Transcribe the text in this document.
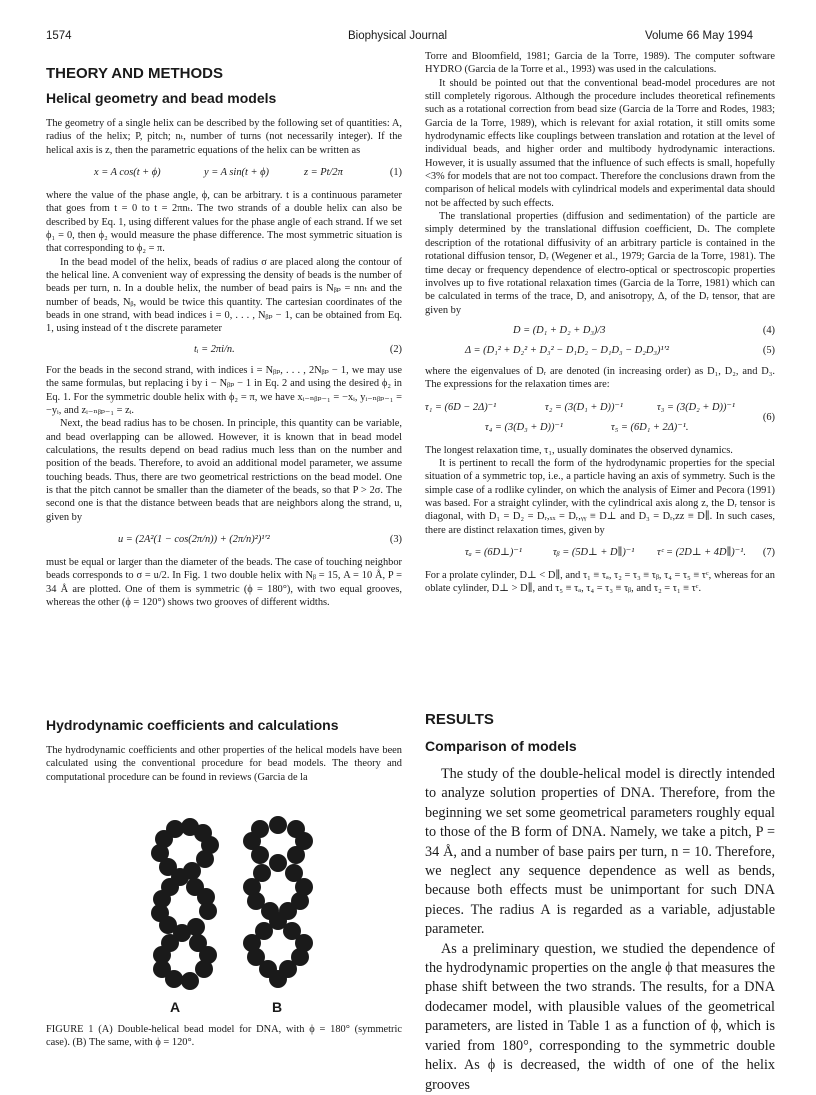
1574	Biophysical Journal	Volume 66 May 1994
THEORY AND METHODS
Helical geometry and bead models

The geometry of a single helix can be described by the following set of quantities: A, radius of the helix; P, pitch; nₜ, number of turns (not necessarily integer). If the helical axis is z, then the parametric equations of the helix can be written as

x = A cos(t + ϕ)	y = A sin(t + ϕ)	z = Pt/2π	(1)

where the value of the phase angle, ϕ, can be arbitrary. t is a continuous parameter that goes from t = 0 to t = 2πnₜ. The two strands of a double helix can also be described by Eq. 1, using different values for the phase angle of each strand. If we set ϕ₁ = 0, then ϕ₂ would measure the phase difference. The most symmetric situation is that corresponding to ϕ₂ = π.

In the bead model of the helix, beads of radius σ are placed along the contour of the helical line. A convenient way of expressing the density of beads is the number of beads per turn, n. In a double helix, the number of bead pairs is Nᵦₚ = nnₜ and the number of beads, Nᵦ, would be twice this quantity. The cartesian coordinates of the beads in one strand, with bead indices i = 0, . . . , Nᵦₚ − 1, can be obtained from Eq. 1, using instead of t the discrete parameter

tᵢ = 2πi/n.	(2)

For the beads in the second strand, with indices i = Nᵦₚ, . . . , 2Nᵦₚ − 1, we may use the same formulas, but replacing i by i − Nᵦₚ − 1 in Eq. 2 and using the desired ϕ₂ in Eq. 1. For the symmetric double helix with ϕ₂ = π, we have xᵢ₋ₙᵦₚ₋₁ = −xᵢ, yᵢ₋ₙᵦₚ₋₁ = −yᵢ, and zᵢ₋ₙᵦₚ₋₁ = zᵢ.

Next, the bead radius has to be chosen. In principle, this quantity can be variable, and bead overlapping can be allowed. However, it is known that in bead model calculations, the results depend on bead radius much less than on the number and position of the beads. Therefore, to avoid an additional model parameter, we assume touching beads. Thus, there are two geometrical restrictions on the bead model. One is that the pitch cannot be smaller than the diameter of the beads, so that P > 2σ. The second one is that the distance between beads that are neighbors along the strand, u, given by

u = (2A²(1 − cos(2π/n)) + (2π/n)²)¹′²	(3)

must be equal or larger than the diameter of the beads. The case of touching neighbor beads corresponds to σ = u/2. In Fig. 1 two double helix with Nᵦ = 15, A = 10 Å, P = 34 Å are plotted. One of them is symmetric (ϕ = 180°), with two equal grooves, whereas the other (ϕ = 120°) shows two grooves of different widths.

Hydrodynamic coefficients and calculations

The hydrodynamic coefficients and other properties of the helical models have been calculated using the conventional procedure for bead models. The theory and computational procedure can be found in reviews (Garcia de la

A	B
FIGURE 1 (A) Double-helical bead model for DNA, with ϕ = 180° (symmetric case). (B) The same, with ϕ = 120°.

Torre and Bloomfield, 1981; Garcia de la Torre, 1989). The computer software HYDRO (Garcia de la Torre et al., 1993) was used in the calculations.

It should be pointed out that the conventional bead-model procedures are not still completely rigorous. Although the procedure includes theoretical refinements such as a rotational correction from bead size (Garcia de la Torre and Rodes, 1983; Garcia de la Torre, 1989), which is relevant for axial rotation, it still omits some hydrodynamic effects like couplings between translation and rotation at the level of individual beads, and higher order and multibody hydrodynamic interactions. However, it is usually assumed that the influence of such effects is small, hopefully <3% for models that are not too compact. Therefore the conclusions drawn from the comparison of helical models with cylindrical models and experimental data should not be affected by such effects.

The translational properties (diffusion and sedimentation) of the particle are simply determined by the translational diffusion coefficient, Dₜ. The complete description of the rotational diffusivity of an arbitrary particle is contained in the rotational diffusion tensor, Dᵣ (Wegener et al., 1979; Garcia de la Torre, 1981). The time decay or frequency dependence of electro-optical or spectroscopic properties involves up to five rotational relaxation times (Garcia de la Torre, 1981) which can be calculated in terms of the trace, D, and anisotropy, Δ, of the Dᵣ tensor, that are given by

D = (D₁ + D₂ + D₃)/3	(4)
Δ = (D₁² + D₂² + D₃² − D₁D₂ − D₁D₃ − D₂D₃)¹′²	(5)

where the eigenvalues of Dᵣ are denoted (in increasing order) as D₁, D₂, and D₃. The expressions for the relaxation times are:

τ₁ = (6D − 2Δ)⁻¹	τ₂ = (3(D₁ + D))⁻¹	τ₃ = (3(D₂ + D))⁻¹
τ₄ = (3(D₃ + D))⁻¹	τ₅ = (6D₁ + 2Δ)⁻¹.
(6)

The longest relaxation time, τ₁, usually dominates the observed dynamics.

It is pertinent to recall the form of the hydrodynamic properties for the special situation of a symmetric top, i.e., a particle having an axis of symmetry. Such is the simple case of a rodlike cylinder, on which the analysis of Eimer and Pecora (1991) was based. For a straight cylinder, with the cylindrical axis along z, the Dᵣ tensor is diagonal, with D₁ = D₂ = Dᵣ,ₓₓ = Dᵣ,ᵧᵧ ≡ D⊥ and D₃ = Dᵣ,zz ≡ D∥. In such cases, there are distinct relaxation times, given by

τₐ = (6D⊥)⁻¹	τᵦ = (5D⊥ + D∥)⁻¹ τᶜ = (2D⊥ + 4D∥)⁻¹. (7)

For a prolate cylinder, D⊥ < D∥, and τ₁ ≡ τₐ, τ₂ = τ₃ ≡ τᵦ, τ₄ = τ₅ ≡ τᶜ, whereas for an oblate cylinder, D⊥ > D∥, and τ₅ ≡ τₐ, τ₄ = τ₃ ≡ τᵦ, and τ₂ = τ₁ ≡ τᶜ.

RESULTS
Comparison of models

The study of the double-helical model is directly intended to analyze solution properties of DNA. Therefore, from the beginning we set some geometrical parameters roughly equal to those of the B form of DNA. Namely, we take a pitch, P = 34 Å, and a number of base pairs per turn, n = 10. Therefore, we neglect any sequence dependence as well as bends, because both effects must be unimportant for such DNA pieces. The radius A is regarded as a variable, adjustable parameter.

As a preliminary question, we studied the dependence of the hydrodynamic properties on the angle ϕ that measures the phase shift between the two strands. The results, for a DNA dodecamer model, with plausible values of the geometrical parameters, are listed in Table 1 as a function of ϕ, which is varied from 180°, corresponding to the symmetric double helix. As ϕ is decreased, the width of one of the helix grooves
